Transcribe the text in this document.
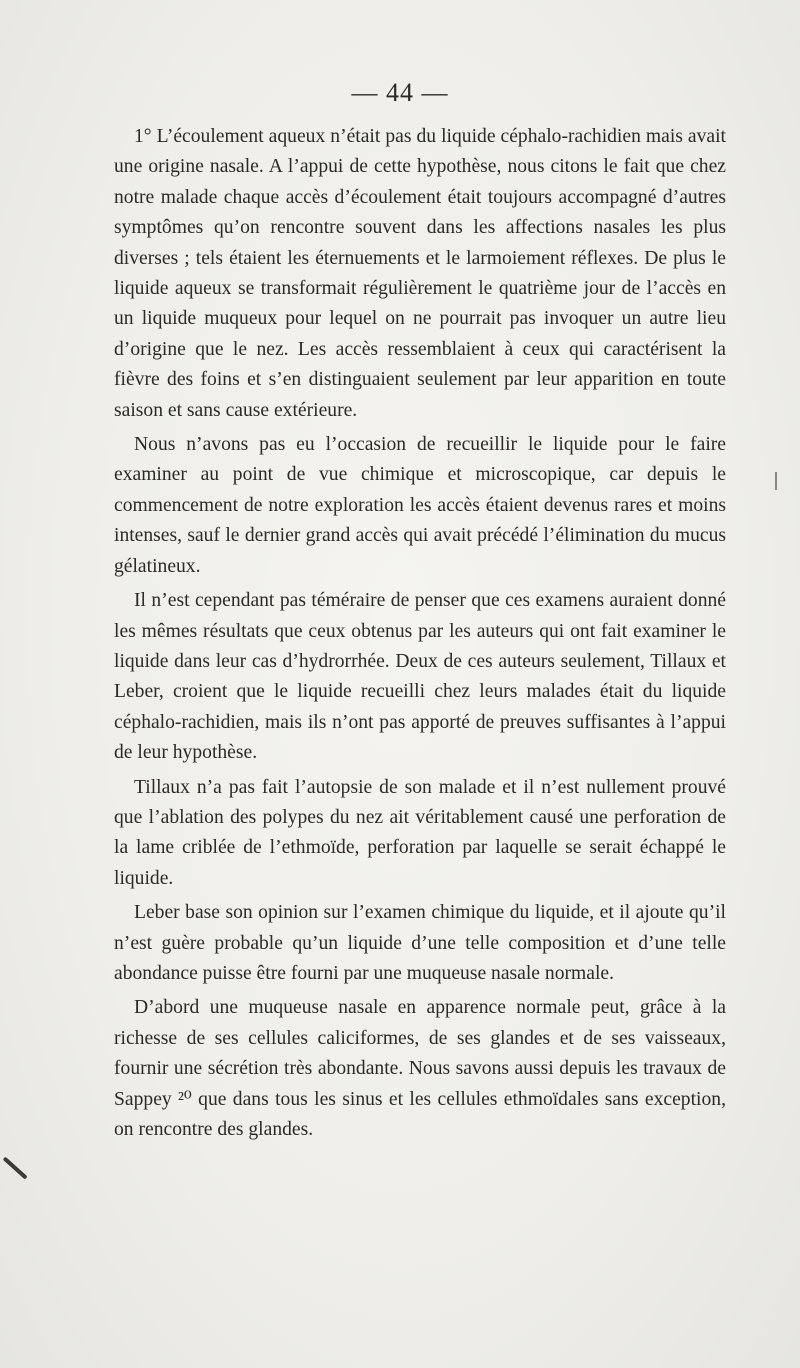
— 44 —

1° L’écoulement aqueux n’était pas du liquide céphalo-rachidien mais avait une origine nasale. A l’appui de cette hypothèse, nous citons le fait que chez notre malade chaque accès d’écoulement était toujours accompagné d’autres symptômes qu’on rencontre souvent dans les affections nasales les plus diverses ; tels étaient les éternuements et le larmoiement réflexes. De plus le liquide aqueux se transformait régulièrement le quatrième jour de l’accès en un liquide muqueux pour lequel on ne pourrait pas invoquer un autre lieu d’origine que le nez. Les accès ressemblaient à ceux qui caractérisent la fièvre des foins et s’en distinguaient seulement par leur apparition en toute saison et sans cause extérieure.

Nous n’avons pas eu l’occasion de recueillir le liquide pour le faire examiner au point de vue chimique et microscopique, car depuis le commencement de notre exploration les accès étaient devenus rares et moins intenses, sauf le dernier grand accès qui avait précédé l’élimination du mucus gélatineux.

Il n’est cependant pas téméraire de penser que ces examens auraient donné les mêmes résultats que ceux obtenus par les auteurs qui ont fait examiner le liquide dans leur cas d’hydrorrhée. Deux de ces auteurs seulement, Tillaux et Leber, croient que le liquide recueilli chez leurs malades était du liquide céphalo-rachidien, mais ils n’ont pas apporté de preuves suffisantes à l’appui de leur hypothèse.

Tillaux n’a pas fait l’autopsie de son malade et il n’est nullement prouvé que l’ablation des polypes du nez ait véritablement causé une perforation de la lame criblée de l’ethmoïde, perforation par laquelle se serait échappé le liquide.

Leber base son opinion sur l’examen chimique du liquide, et il ajoute qu’il n’est guère probable qu’un liquide d’une telle composition et d’une telle abondance puisse être fourni par une muqueuse nasale normale.

D’abord une muqueuse nasale en apparence normale peut, grâce à la richesse de ses cellules caliciformes, de ses glandes et de ses vaisseaux, fournir une sécrétion très abondante. Nous savons aussi depuis les travaux de Sappey ²⁰ que dans tous les sinus et les cellules ethmoïdales sans exception, on rencontre des glandes.
